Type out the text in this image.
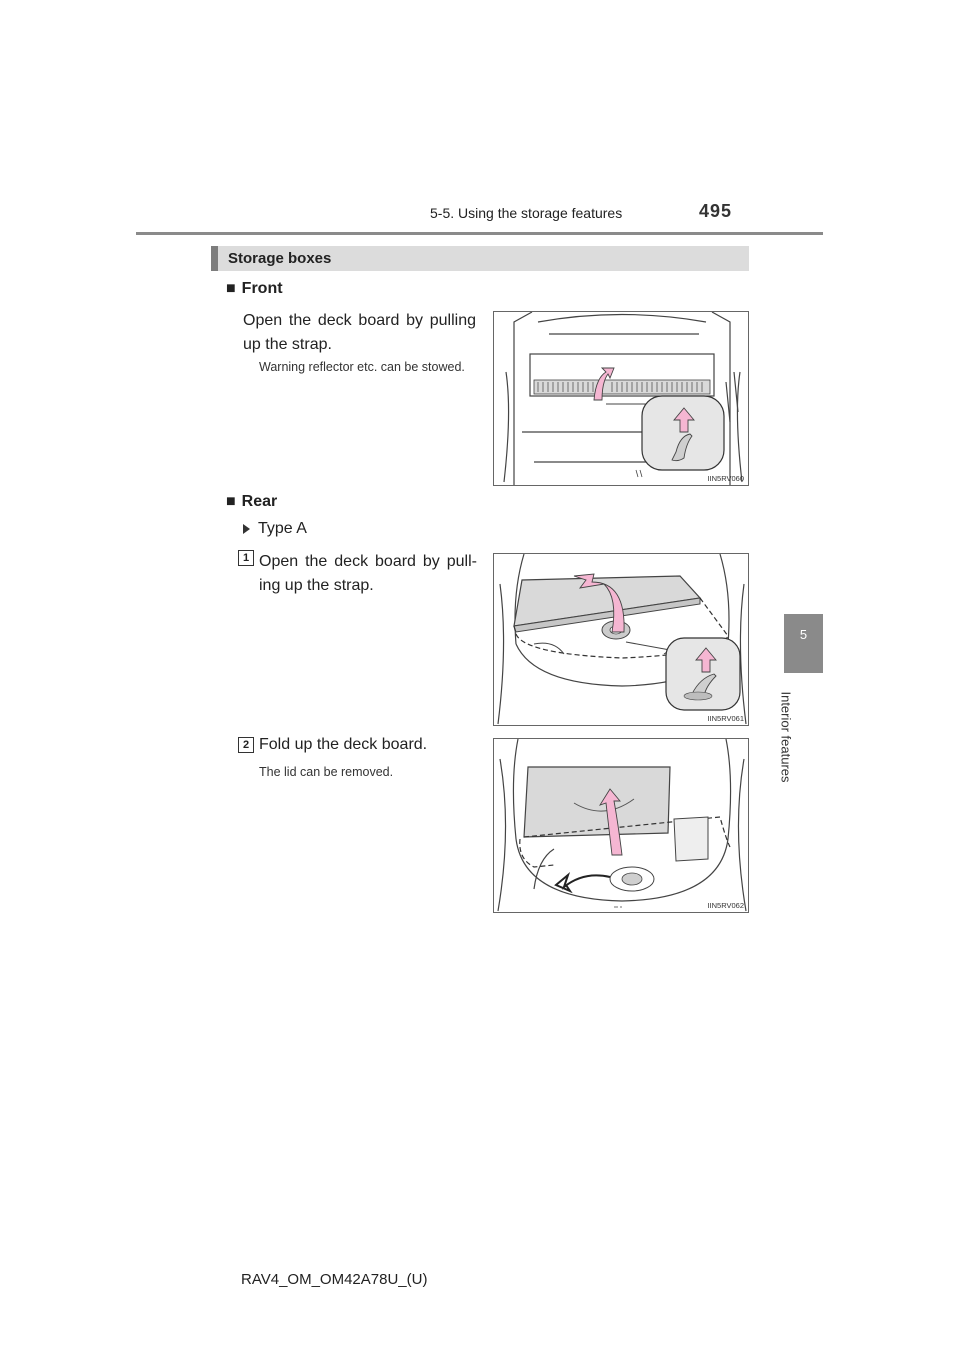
5-5. Using the storage features	495
5
Interior features
Storage boxes
■ Front
Open the deck board by pulling up the strap.
Warning reflector etc. can be stowed.
IIN5RV060
■ Rear
Type A
1 Open the deck board by pull-ing up the strap.
IIN5RV061
2 Fold up the deck board.
The lid can be removed.
IIN5RV062
RAV4_OM_OM42A78U_(U)
